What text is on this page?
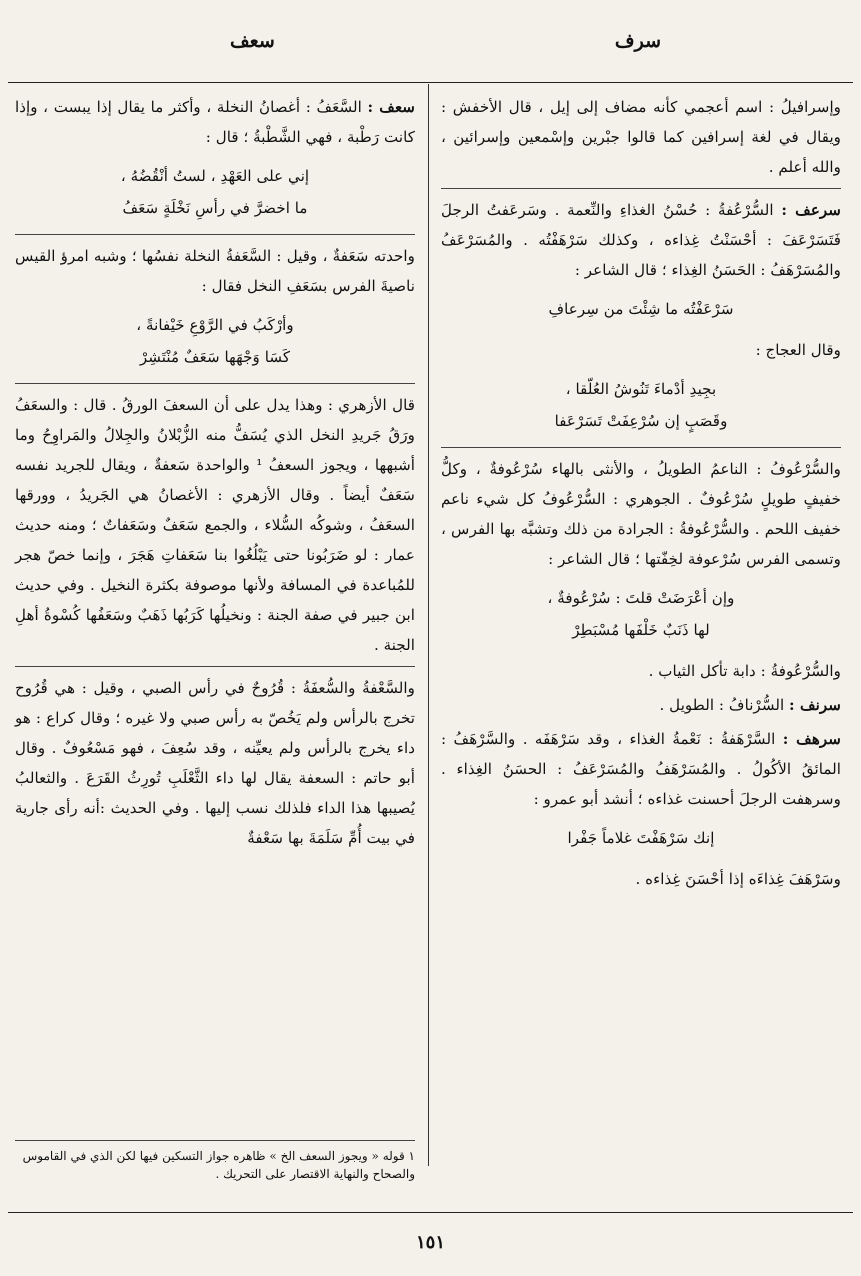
سرف
سعف

وإسرافيلُ : اسم أعجمي كأنه مضاف إلى إيل ، قال الأخفش : ويقال في لغة إسرافين كما قالوا جبْرين وإسْمعين وإسرائين ، والله أعلم .

سرعف : السُّرْعُفةُ : حُسْنُ الغذاءِ والنِّعمة . وسَرعَفتُ الرجلَ فَتَسَرْعَفَ : أحْسَنْتُ غِذاءه ، وكذلك سَرْهَفْتُه . والمُسَرْعَفُ والمُسَرْهَفُ : الحَسَنُ الغِذاء ؛ قال الشاعر :

سَرْعَفْتُه ما شِئْتَ من سِرعافِ

وقال العجاج :

بجِيدِ أدْماءَ تَنُوشُ العُلّقا ،
وقَصَبٍ إن سُرْعِفَتْ تَسَرْعَفا

والسُّرْعُوفُ : الناعمُ الطويلُ ، والأنثى بالهاء سُرْعُوفةٌ ، وكلُّ خفيفٍ طويلٍ سُرْعُوفٌ . الجوهري : السُّرْعُوفُ كل شيء ناعم خفيف اللحم . والسُّرْعُوفةُ : الجرادة من ذلك وتشبَّه بها الفرس ، وتسمى الفرس سُرْعوفة لخِفّتها ؛ قال الشاعر :

وإن أعْرَضَتْ قلتَ : سُرْعُوفةٌ ،
لها ذَنَبٌ خَلْفَها مُسْبَطِرْ

والسُّرْعُوفةُ : دابة تأكل الثياب .

سرنف : السُّرْنافُ : الطويل .

سرهف : السَّرْهَفةُ : نَعْمةُ الغذاء ، وقد سَرْهَفَه . والسَّرْهَفُ : المائقُ الأكُولُ . والمُسَرْهَفُ والمُسَرْعَفُ : الحسَنُ الغِذاء . وسرهفت الرجلَ أحسنت غذاءه ؛ أنشد أبو عمرو :

إنك سَرْهَفْتَ غلاماً جَفْرا

وسَرْهَفَ غِذاءَه إذا أحْسَنَ غِذاءه .

سعف : السَّعَفُ : أغصانُ النخلة ، وأكثر ما يقال إذا يبست ، وإذا كانت رَطْبة ، فهي الشَّطْبةُ ؛ قال :

إني على العَهْدِ ، لستُ أنْقُضُهُ ،
ما اخضرَّ في رأسِ نَخْلَةٍ سَعَفُ

واحدته سَعَفةٌ ، وقيل : السَّعَفةُ النخلة نفسُها ؛ وشبه امرؤ القيس ناصيةَ الفرس بسَعَفِ النخل فقال :

وأرْكَبُ في الرَّوْعِ خَيْفانةً ،
كَسَا وَجْهَها سَعَفٌ مُنْتَشِرْ

قال الأزهري : وهذا يدل على أن السعفَ الورقُ . قال : والسعَفُ ورَقُ جَريدِ النخل الذي يُسَفُّ منه الزُّبْلانُ والجِلالُ والمَراوِحُ وما أشبهها ، ويجوز السعفُ ¹ والواحدة سَعفةٌ ، ويقال للجريد نفسه سَعَفٌ أيضاً . وقال الأزهري : الأغصانُ هي الجَريدُ ، وورقها السعَفُ ، وشوكُه السُّلاء ، والجمع سَعَفٌ وسَعَفاتٌ ؛ ومنه حديث عمار : لو ضَرَبُونا حتى يَبْلُغُوا بنا سَعَفاتِ هَجَرَ ، وإنما خصّ هجر للمُباعدة في المسافة ولأنها موصوفة بكثرة النخيل . وفي حديث ابن جبير في صفة الجنة : ونخيلُها كَرَبُها ذَهَبٌ وسَعَفُها كُسْوةُ أهلِ الجنة .

والسَّعْفةُ والسُّعفَةُ : قُرُوحٌ في رأس الصبي ، وقيل : هي قُرُوح تخرج بالرأس ولم يَخُصّ به رأس صبي ولا غيره ؛ وقال كراع : هو داء يخرج بالرأس ولم يعيِّنه ، وقد سُعِفَ ، فهو مَسْعُوفٌ . وقال أبو حاتم : السعفة يقال لها داء الثَّعْلَبِ تُورِثُ القَرَعَ . والثعالبُ يُصيبها هذا الداء فلذلك نسب إليها . وفي الحديث :أنه رأى جارية في بيت أُمِّ سَلَمَةَ بها سَعْفةٌ

١ قوله « ويجوز السعف الخ » ظاهره جواز التسكين فيها لكن الذي في القاموس والصحاح والنهاية الاقتصار على التحريك .
١٥١
